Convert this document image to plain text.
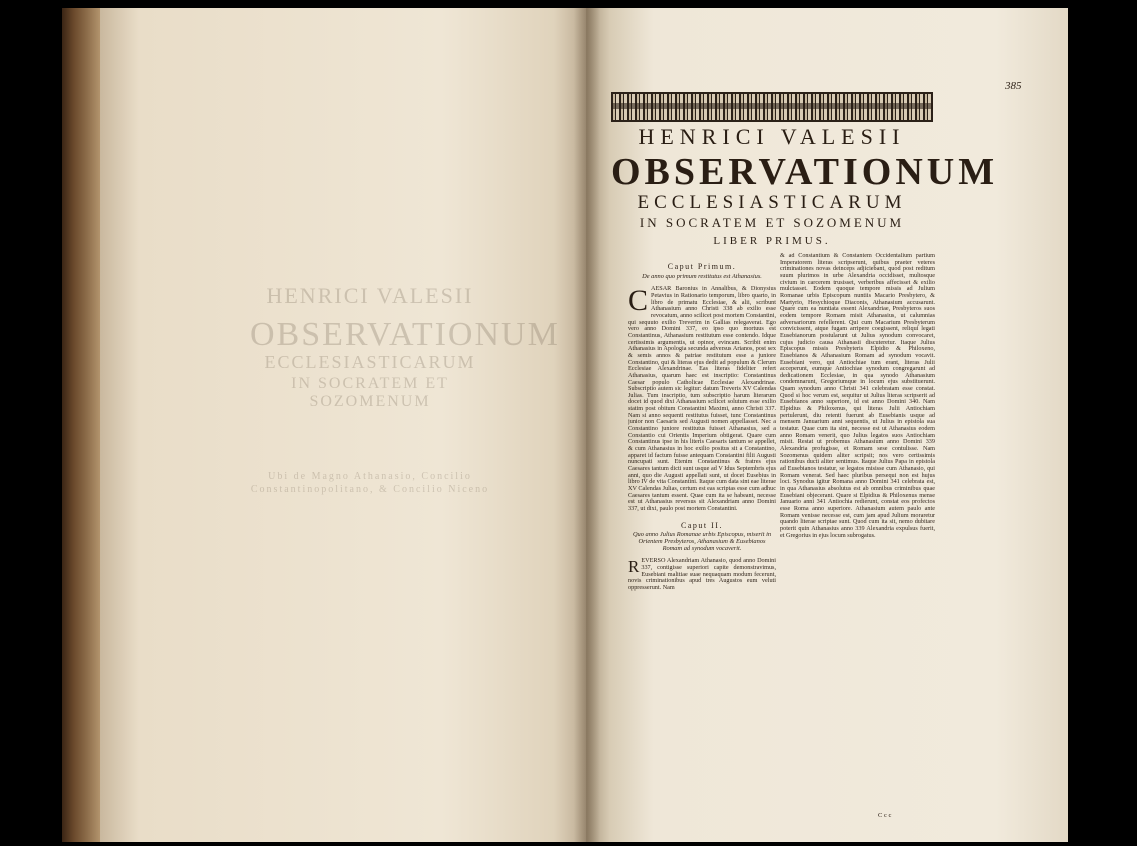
HENRICI VALESII
OBSERVATIONUM
ECCLESIASTICARUM
IN SOCRATEM ET SOZOMENUM
Ubi de Magno Athanasio, Concilio Constantinopolitano, & Concilio Niceno
385
HENRICI VALESII
OBSERVATIONUM
ECCLESIASTICARUM
IN SOCRATEM ET SOZOMENUM
LIBER PRIMUS.
Caput Primum.
De anno quo primum restitutus est Athanasius.

CAESAR Baronius in Annalibus, & Dionysius Petavius in Rationario temporum, libro quarto, in libro de primatu Ecclesiae, & alii, scribunt Athanasium anno Christi 338 ab exilio esse revocatum, anno scilicet post mortem Constantini, qui sequuto exilio Treverim in Gallias relegaverat. Ego vero anno Domini 337, eo ipso quo mortuus est Constantinus, Athanasium restitutum esse contendo. Idque certissimis argumentis, ut opinor, evincam. Scribit enim Athanasius in Apologia secunda adversus Arianos, post sex & semis annos & patriae restitutum esse a juniore Constantino, qui & literas ejus dedit ad populum & Clerum Ecclesiae Alexandrinae. Eas literas fideliter refert Athanasius, quarum haec est inscriptio: Constantinus Caesar populo Catholicae Ecclesiae Alexandrinae. Subscriptio autem sic legitur: datum Treveris XV Calendas Julias. Tum inscriptio, tum subscriptio harum literarum docet id quod dixi Athanasium scilicet solutum esse exilio statim post obitum Constantini Maximi, anno Christi 337. Nam si anno sequenti restitutus fuisset, tunc Constantinus junior non Caesaris sed Augusti nomen appellasset. Nec a Constantino juniore restitutus fuisset Athanasius, sed a Constantio cui Orientis Imperium obtigerat. Quare cum Constantinus ipse in his literis Caesaris tantum se appellet, & cum Athanasius in hoc exilio positus sit a Constantino, apparet id factum fuisse antequam Constantini filii Augusti nuncupati sunt. Etenim Constantinus & fratres ejus Caesares tantum dicti sunt usque ad V Idus Septembris ejus anni, quo die Augusti appellati sunt, ut docet Eusebius in libro IV de vita Constantini. Itaque cum data sint eae literae XV Calendas Julias, certum est eas scriptas esse cum adhuc Caesares tantum essent. Quae cum ita se habeant, necesse est ut Athanasius reversus sit Alexandriam anno Domini 337, ut dixi, paulo post mortem Constantini.

Caput II.
Quo anno Julius Romanae urbis Episcopus, miserit in Orientem Presbyteros, Athanasium & Eusebianos Romam ad synodum vocaverit.

REVERSO Alexandriam Athanasio, quod anno Domini 337, contigisse superiori capite demonstravimus, Eusebiani malitiae suae nequaquam modum fecerunt, novis criminationibus apud tres Augustos eum veluti oppresserunt. Nam

& ad Constantium & Constantem Occidentalium partium Imperatorem literas scripserunt, quibus praeter veteres criminationes novas deinceps adjiciebant, quod post reditum suum plurimos in urbe Alexandria occidisset, multosque civium in carcerem trusisset, verberibus affecisset & exilio mulctasset. Eodem quoque tempore missis ad Julium Romanae urbis Episcopum nuntiis Macario Presbytero, & Martyrio, Hesychioque Diaconis, Athanasium accusarunt. Quare cum ea nuntiata essent Alexandriae, Presbyteros suos eodem tempore Romam misit Athanasius, ut calumnias adversariorum refellerent. Qui cum Macarium Presbyterum convicissent, atque fugam arripere coegissent, reliqui legati Eusebianorum postularunt ut Julius synodum convocaret, cujus judicio causa Athanasii discuteretur. Itaque Julius Episcopus missis Presbyteris Elpidio & Philoxeno, Eusebianos & Athanasium Romam ad synodum vocavit. Eusebiani vero, qui Antiochiae tum erant, literas Julii acceperunt, eumque Antiochiae synodum congregarunt ad dedicationem Ecclesiae, in qua synodo Athanasium condemnarunt, Gregoriumque in locum ejus substituerunt. Quam synodum anno Christi 341 celebratam esse constat. Quod si hoc verum est, sequitur ut Julius literas scripserit ad Eusebianos anno superiore, id est anno Domini 340. Nam Elpidius & Philoxenus, qui literas Julii Antiochiam pertulerunt, diu retenti fuerunt ab Eusebianis usque ad mensem Januarium anni sequentis, ut Julius in epistola sua testatur. Quae cum ita sint, necesse est ut Athanasius eodem anno Romam venerit, quo Julius legatos suos Antiochiam misit. Restat ut probemus Athanasium anno Domini 339 Alexandria profugisse, et Romam sese contulisse. Nam Sozomenus quidem aliter scripsit; nos vero certissimis rationibus ducti aliter sentimus. Itaque Julius Papa in epistola ad Eusebianos testatur, se legatos misisse cum Athanasio, qui Romam venerat. Sed haec pluribus persequi non est hujus loci. Synodus igitur Romana anno Domini 341 celebrata est, in qua Athanasius absolutus est ab omnibus criminibus quae Eusebiani objecerant. Quare si Elpidius & Philoxenus mense Januario anni 341 Antiochia redierunt, constat eos profectos esse Roma anno superiore. Athanasium autem paulo ante Romam venisse necesse est, cum jam apud Julium moraretur quando literae scriptae sunt. Quod cum ita sit, nemo dubitare poterit quin Athanasius anno 339 Alexandria expulsus fuerit, et Gregorius in ejus locum subrogatus.

C c c
